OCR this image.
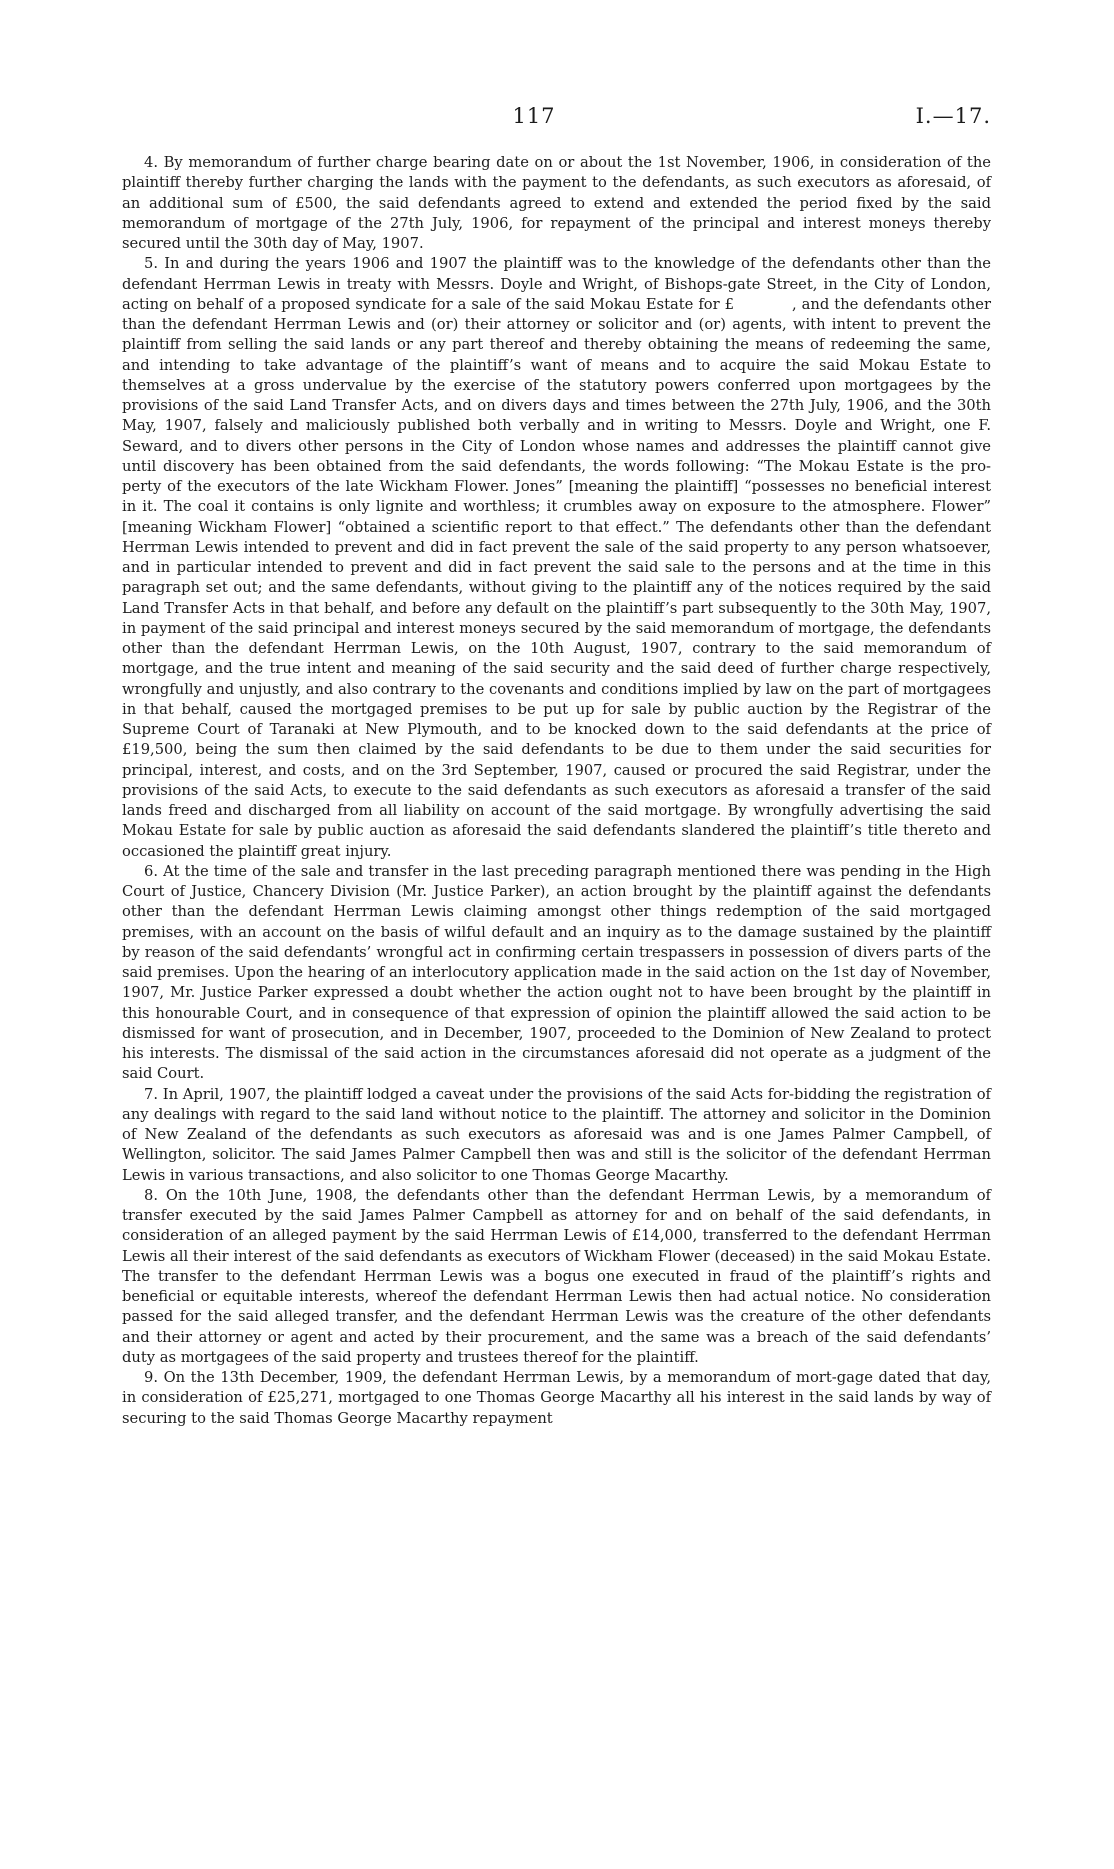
117	I.—17.

4. By memorandum of further charge bearing date on or about the 1st November, 1906, in consideration of the plaintiff thereby further charging the lands with the payment to the defendants, as such executors as aforesaid, of an additional sum of £500, the said defendants agreed to extend and extended the period fixed by the said memorandum of mortgage of the 27th July, 1906, for repayment of the principal and interest moneys thereby secured until the 30th day of May, 1907.

5. In and during the years 1906 and 1907 the plaintiff was to the knowledge of the defendants other than the defendant Herrman Lewis in treaty with Messrs. Doyle and Wright, of Bishops-gate Street, in the City of London, acting on behalf of a proposed syndicate for a sale of the said Mokau Estate for £	, and the defendants other than the defendant Herrman Lewis and (or) their attorney or solicitor and (or) agents, with intent to prevent the plaintiff from selling the said lands or any part thereof and thereby obtaining the means of redeeming the same, and intending to take advantage of the plaintiff’s want of means and to acquire the said Mokau Estate to themselves at a gross undervalue by the exercise of the statutory powers conferred upon mortgagees by the provisions of the said Land Transfer Acts, and on divers days and times between the 27th July, 1906, and the 30th May, 1907, falsely and maliciously published both verbally and in writing to Messrs. Doyle and Wright, one F. Seward, and to divers other persons in the City of London whose names and addresses the plaintiff cannot give until discovery has been obtained from the said defendants, the words following: “The Mokau Estate is the pro-perty of the executors of the late Wickham Flower. Jones” [meaning the plaintiff] “possesses no beneficial interest in it. The coal it contains is only lignite and worthless; it crumbles away on exposure to the atmosphere. Flower” [meaning Wickham Flower] “obtained a scientific report to that effect.” The defendants other than the defendant Herrman Lewis intended to prevent and did in fact prevent the sale of the said property to any person whatsoever, and in particular intended to prevent and did in fact prevent the said sale to the persons and at the time in this paragraph set out; and the same defendants, without giving to the plaintiff any of the notices required by the said Land Transfer Acts in that behalf, and before any default on the plaintiff’s part subsequently to the 30th May, 1907, in payment of the said principal and interest moneys secured by the said memorandum of mortgage, the defendants other than the defendant Herrman Lewis, on the 10th August, 1907, contrary to the said memorandum of mortgage, and the true intent and meaning of the said security and the said deed of further charge respectively, wrongfully and unjustly, and also contrary to the covenants and conditions implied by law on the part of mortgagees in that behalf, caused the mortgaged premises to be put up for sale by public auction by the Registrar of the Supreme Court of Taranaki at New Plymouth, and to be knocked down to the said defendants at the price of £19,500, being the sum then claimed by the said defendants to be due to them under the said securities for principal, interest, and costs, and on the 3rd September, 1907, caused or procured the said Registrar, under the provisions of the said Acts, to execute to the said defendants as such executors as aforesaid a transfer of the said lands freed and discharged from all liability on account of the said mortgage. By wrongfully advertising the said Mokau Estate for sale by public auction as aforesaid the said defendants slandered the plaintiff’s title thereto and occasioned the plaintiff great injury.

6. At the time of the sale and transfer in the last preceding paragraph mentioned there was pending in the High Court of Justice, Chancery Division (Mr. Justice Parker), an action brought by the plaintiff against the defendants other than the defendant Herrman Lewis claiming amongst other things redemption of the said mortgaged premises, with an account on the basis of wilful default and an inquiry as to the damage sustained by the plaintiff by reason of the said defendants’ wrongful act in confirming certain trespassers in possession of divers parts of the said premises. Upon the hearing of an interlocutory application made in the said action on the 1st day of November, 1907, Mr. Justice Parker expressed a doubt whether the action ought not to have been brought by the plaintiff in this honourable Court, and in consequence of that expression of opinion the plaintiff allowed the said action to be dismissed for want of prosecution, and in December, 1907, proceeded to the Dominion of New Zealand to protect his interests. The dismissal of the said action in the circumstances aforesaid did not operate as a judgment of the said Court.

7. In April, 1907, the plaintiff lodged a caveat under the provisions of the said Acts for-bidding the registration of any dealings with regard to the said land without notice to the plaintiff. The attorney and solicitor in the Dominion of New Zealand of the defendants as such executors as aforesaid was and is one James Palmer Campbell, of Wellington, solicitor. The said James Palmer Campbell then was and still is the solicitor of the defendant Herrman Lewis in various transactions, and also solicitor to one Thomas George Macarthy.

8. On the 10th June, 1908, the defendants other than the defendant Herrman Lewis, by a memorandum of transfer executed by the said James Palmer Campbell as attorney for and on behalf of the said defendants, in consideration of an alleged payment by the said Herrman Lewis of £14,000, transferred to the defendant Herrman Lewis all their interest of the said defendants as executors of Wickham Flower (deceased) in the said Mokau Estate. The transfer to the defendant Herrman Lewis was a bogus one executed in fraud of the plaintiff’s rights and beneficial or equitable interests, whereof the defendant Herrman Lewis then had actual notice. No consideration passed for the said alleged transfer, and the defendant Herrman Lewis was the creature of the other defendants and their attorney or agent and acted by their procurement, and the same was a breach of the said defendants’ duty as mortgagees of the said property and trustees thereof for the plaintiff.

9. On the 13th December, 1909, the defendant Herrman Lewis, by a memorandum of mort-gage dated that day, in consideration of £25,271, mortgaged to one Thomas George Macarthy all his interest in the said lands by way of securing to the said Thomas George Macarthy repayment
